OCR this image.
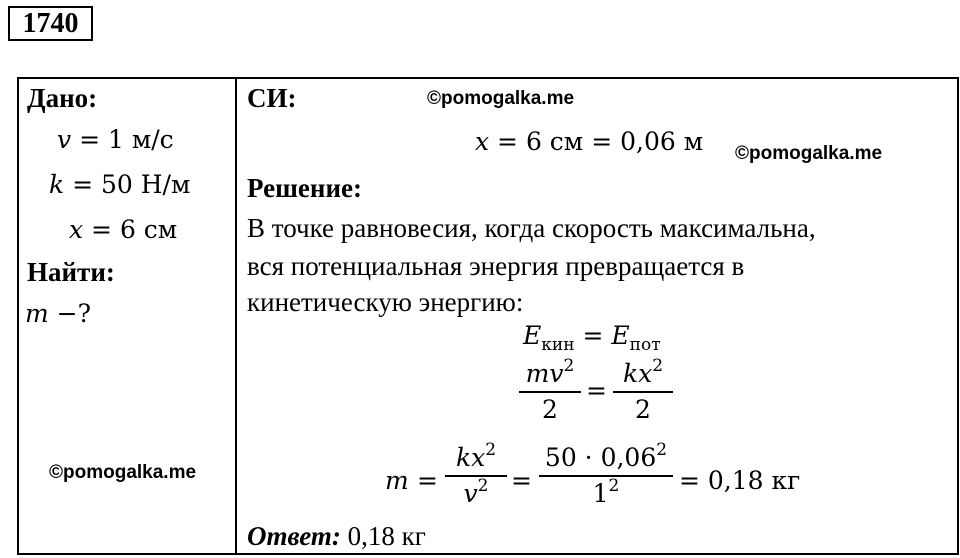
1740
Дано:
v = 1 м/с
k = 50 Н/м
x = 6 см
Найти:
m −?
©pomogalka.me
СИ:	©pomogalka.me
x = 6 см = 0,06 м ©pomogalka.me
Решение:
В точке равновесия, когда скорость максимальна,
вся потенциальная энергия превращается в
кинетическую энергию:
$E_{кин} = E_{пот}$
$mv^2$
2
=
$kx^2$
2
m =
$kx^2$
$v^2$ =
$50 \cdot 0,06^2$
$1^2$	= 0,18 кг
Ответ: 0,18 кг
